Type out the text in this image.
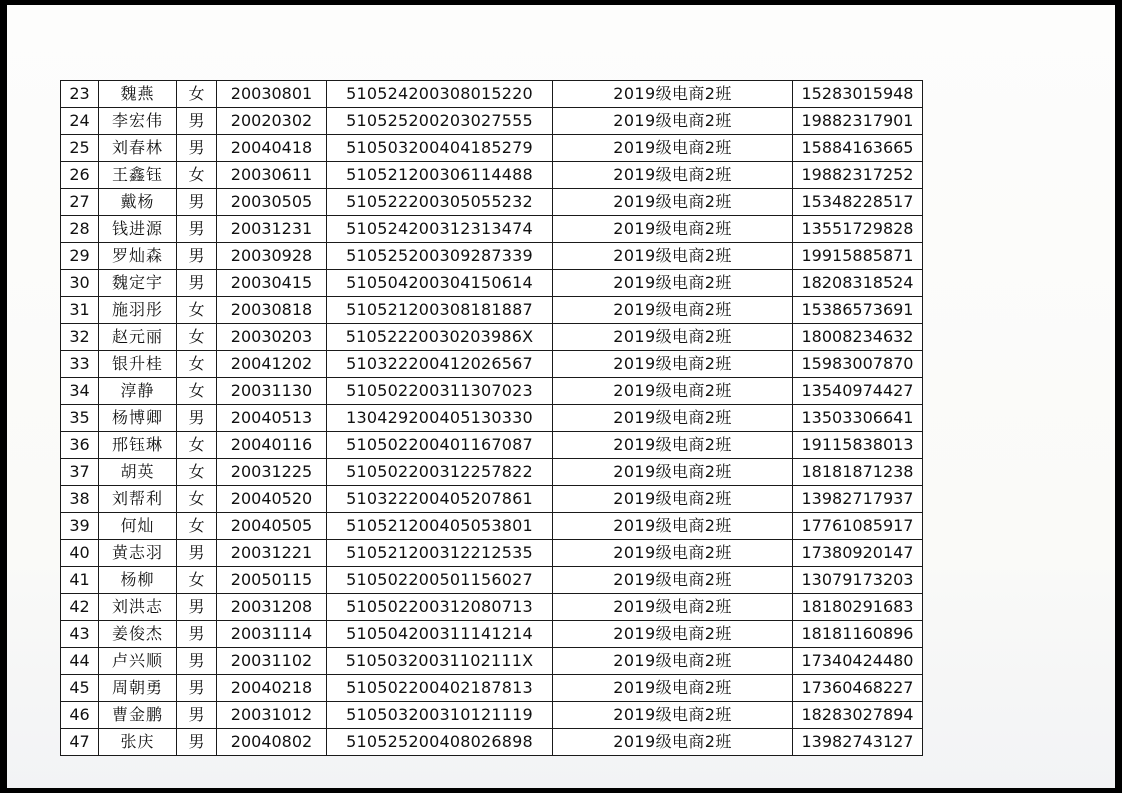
23	魏燕	女	20030801	510524200308015220	2019级电商2班	15283015948
24	李宏伟	男	20020302	510525200203027555	2019级电商2班	19882317901
25	刘春林	男	20040418	510503200404185279	2019级电商2班	15884163665
26	王鑫钰	女	20030611	510521200306114488	2019级电商2班	19882317252
27	戴杨	男	20030505	510522200305055232	2019级电商2班	15348228517
28	钱进源	男	20031231	510524200312313474	2019级电商2班	13551729828
29	罗灿森	男	20030928	510525200309287339	2019级电商2班	19915885871
30	魏定宇	男	20030415	510504200304150614	2019级电商2班	18208318524
31	施羽彤	女	20030818	510521200308181887	2019级电商2班	15386573691
32	赵元丽	女	20030203	51052220030203986X	2019级电商2班	18008234632
33	银升桂	女	20041202	510322200412026567	2019级电商2班	15983007870
34	淳静	女	20031130	510502200311307023	2019级电商2班	13540974427
35	杨博卿	男	20040513	130429200405130330	2019级电商2班	13503306641
36	邢钰琳	女	20040116	510502200401167087	2019级电商2班	19115838013
37	胡英	女	20031225	510502200312257822	2019级电商2班	18181871238
38	刘帮利	女	20040520	510322200405207861	2019级电商2班	13982717937
39	何灿	女	20040505	510521200405053801	2019级电商2班	17761085917
40	黄志羽	男	20031221	510521200312212535	2019级电商2班	17380920147
41	杨柳	女	20050115	510502200501156027	2019级电商2班	13079173203
42	刘洪志	男	20031208	510502200312080713	2019级电商2班	18180291683
43	姜俊杰	男	20031114	510504200311141214	2019级电商2班	18181160896
44	卢兴顺	男	20031102	51050320031102111X	2019级电商2班	17340424480
45	周朝勇	男	20040218	510502200402187813	2019级电商2班	17360468227
46	曹金鹏	男	20031012	510503200310121119	2019级电商2班	18283027894
47	张庆	男	20040802	510525200408026898	2019级电商2班	13982743127
